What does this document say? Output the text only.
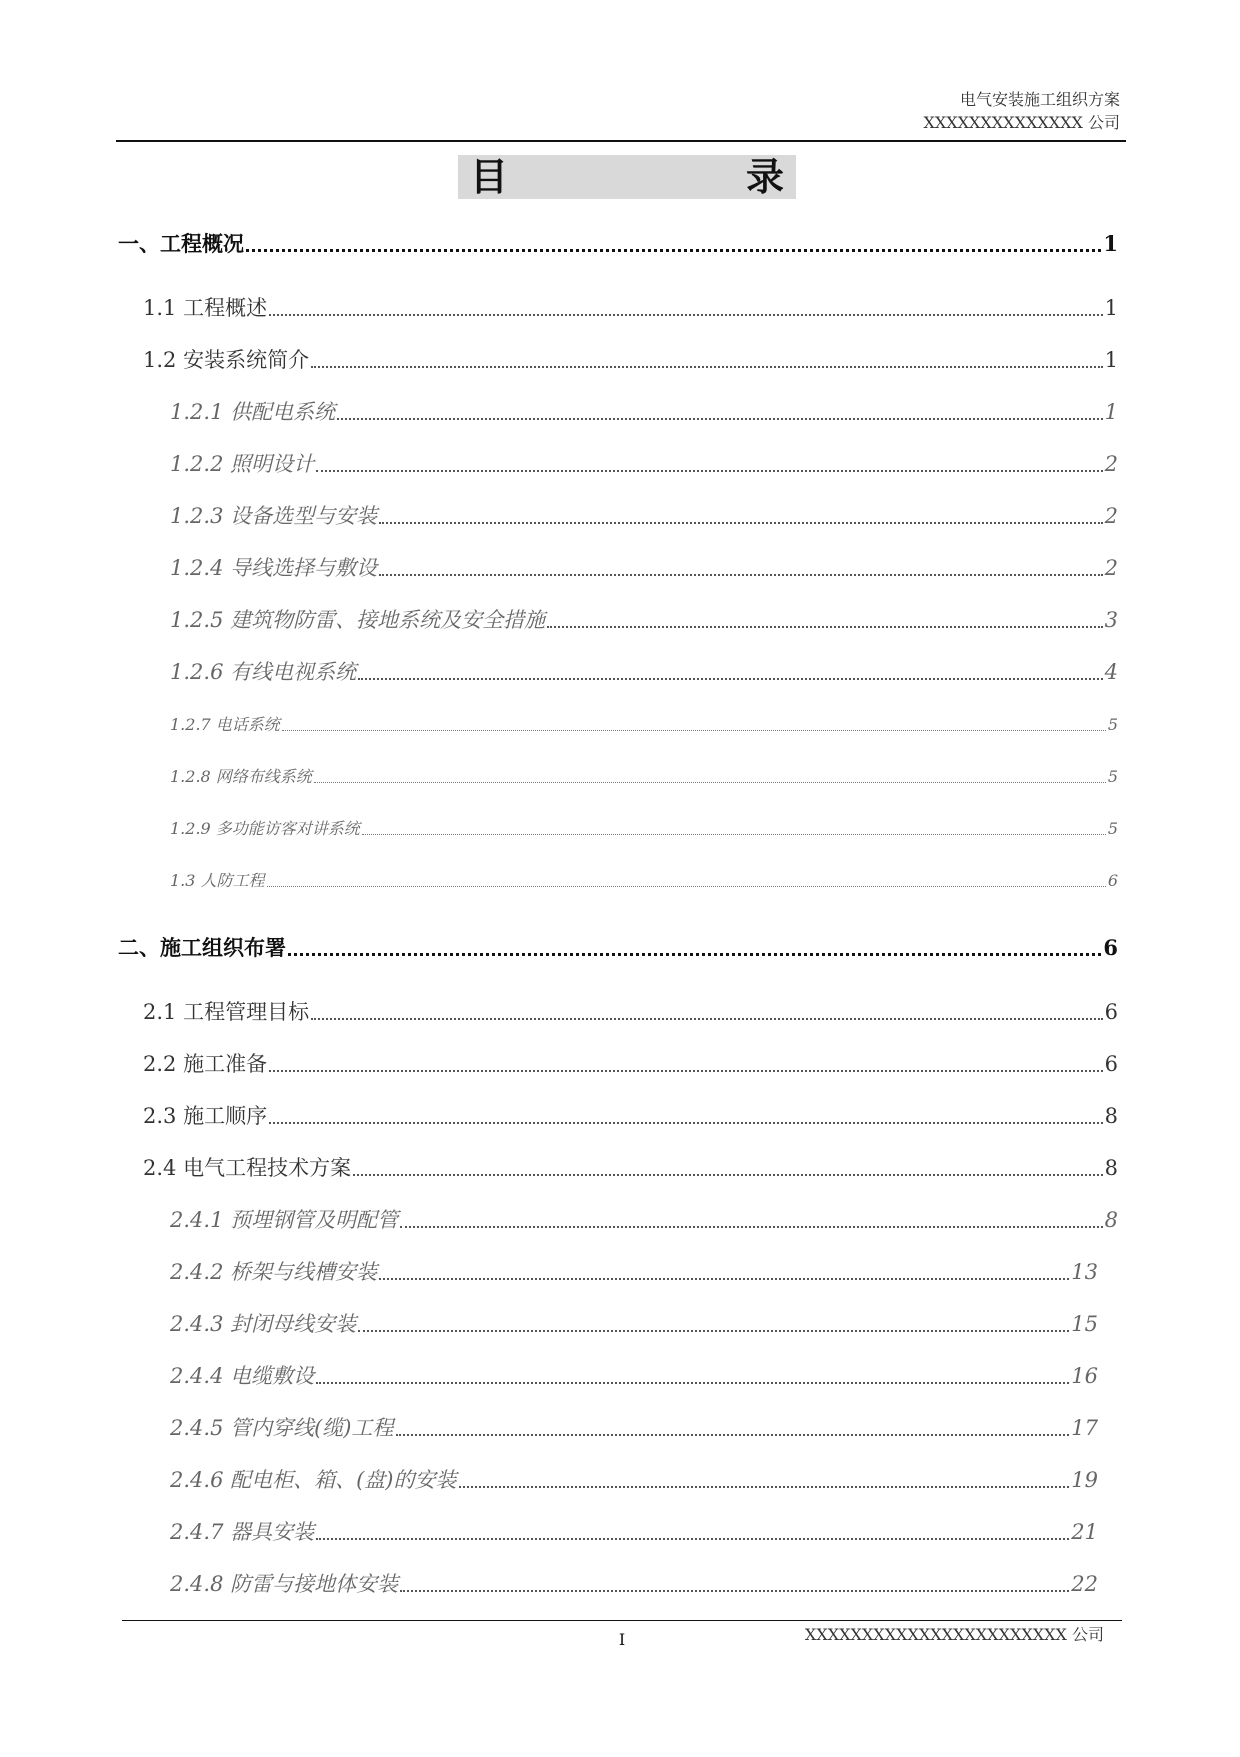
电气安装施工组织方案
XXXXXXXXXXXXXX 公司
目	录
一、工程概况	1
1.1 工程概述	1
1.2 安装系统简介	1
1.2.1 供配电系统	1
1.2.2 照明设计	2
1.2.3 设备选型与安装	2
1.2.4 导线选择与敷设	2
1.2.5 建筑物防雷、接地系统及安全措施	3
1.2.6 有线电视系统	4
1.2.7 电话系统	5
1.2.8 网络布线系统	5
1.2.9 多功能访客对讲系统	5
1.3 人防工程	6
二、施工组织布署	6
2.1 工程管理目标	6
2.2 施工准备	6
2.3 施工顺序	8
2.4 电气工程技术方案	8
2.4.1 预埋钢管及明配管	8
2.4.2 桥架与线槽安装	13
2.4.3 封闭母线安装	15
2.4.4 电缆敷设	16
2.4.5 管内穿线(缆)工程	17
2.4.6 配电柜、箱、(盘)的安装	19
2.4.7 器具安装	21
2.4.8 防雷与接地体安装	22
I	XXXXXXXXXXXXXXXXXXXXXXX 公司
